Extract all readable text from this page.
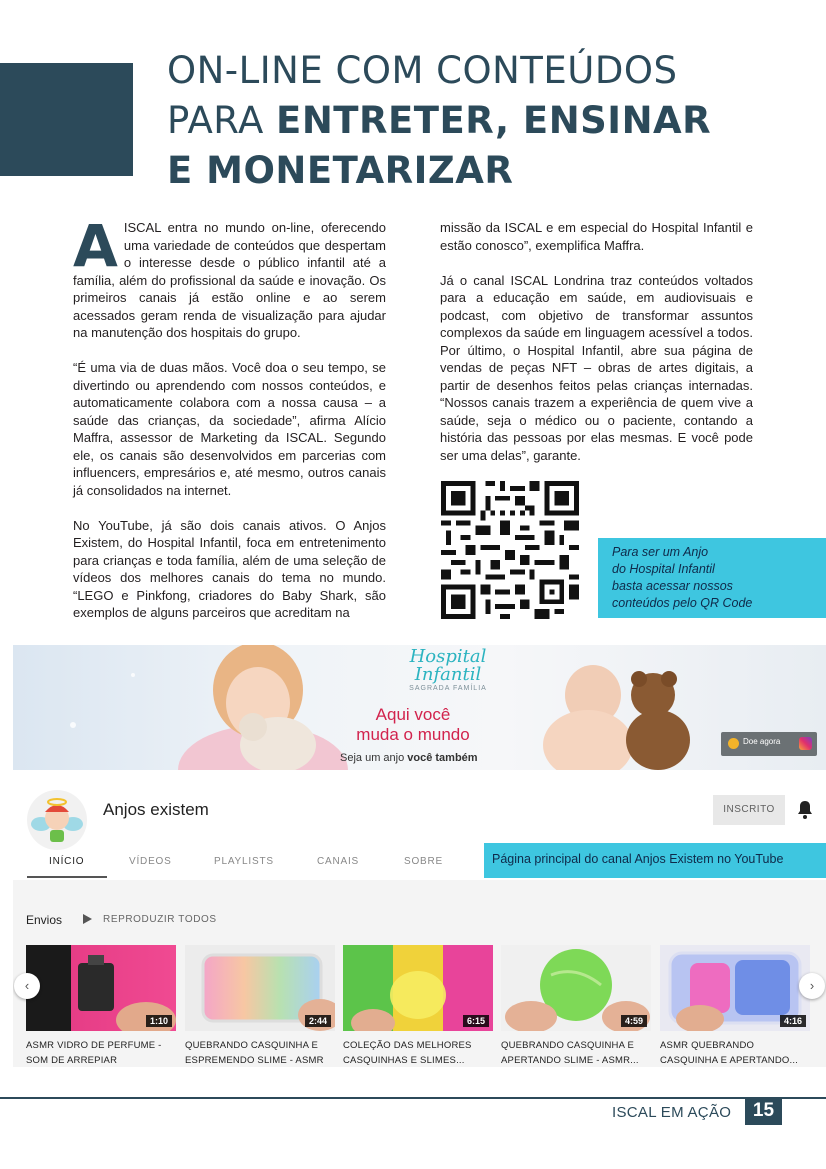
ON-LINE COM CONTEÚDOS
PARA ENTRETER, ENSINAR
E MONETARIZAR

AISCAL entra no mundo on-line, oferecendo uma variedade de conteúdos que despertam o interesse desde o público infantil até a família, além do profissional da saúde e inovação. Os primeiros canais já estão online e ao serem acessados geram renda de visualização para ajudar na manutenção dos hospitais do grupo.

“É uma via de duas mãos. Você doa o seu tempo, se divertindo ou aprendendo com nossos conteúdos, e automaticamente colabora com a nossa causa – a saúde das crianças, da sociedade”, afirma Alício Maffra, assessor de Marketing da ISCAL. Segundo ele, os canais são desenvolvidos em parcerias com influencers, empresários e, até mesmo, outros canais já consolidados na internet.

No YouTube, já são dois canais ativos. O Anjos Existem, do Hospital Infantil, foca em entretenimento para crianças e toda família, além de uma seleção de vídeos dos melhores canais do tema no mundo. “LEGO e Pinkfong, criadores do Baby Shark, são exemplos de alguns parceiros que acreditam na

missão da ISCAL e em especial do Hospital Infantil e estão conosco”, exemplifica Maffra.

Já o canal ISCAL Londrina traz conteúdos voltados para a educação em saúde, em audiovisuais e podcast, com objetivo de transformar assuntos complexos da saúde em linguagem acessível a todos. Por último, o Hospital Infantil, abre sua página de vendas de peças NFT – obras de artes digitais, a partir de desenhos feitos pelas crianças internadas. “Nossos canais trazem a experiência de quem vive a saúde, seja o médico ou o paciente, contando a história das pessoas por elas mesmas. E você pode ser uma delas”, garante.

Para ser um Anjo
do Hospital Infantil
basta acessar nossos
conteúdos pelo QR Code
Hospital
Infantil
SAGRADA FAMÍLIA
Aqui você
muda o mundo
Seja um anjo você também
Doe agora
Anjos existem	INSCRITO
INÍCIO	VÍDEOS	PLAYLISTS	CANAIS	SOBRE
Envios	REPRODUZIR TODOS
1:10
ASMR VIDRO DE PERFUME -
SOM DE ARREPIAR
2:44
QUEBRANDO CASQUINHA E
ESPREMENDO SLIME - ASMR
6:15
COLEÇÃO DAS MELHORES
CASQUINHAS E SLIMES...
4:59
QUEBRANDO CASQUINHA E
APERTANDO SLIME - ASMR...
4:16
ASMR QUEBRANDO
CASQUINHA E APERTANDO...
‹	›
Página principal do canal Anjos Existem no YouTube
ISCAL EM AÇÃO	15
